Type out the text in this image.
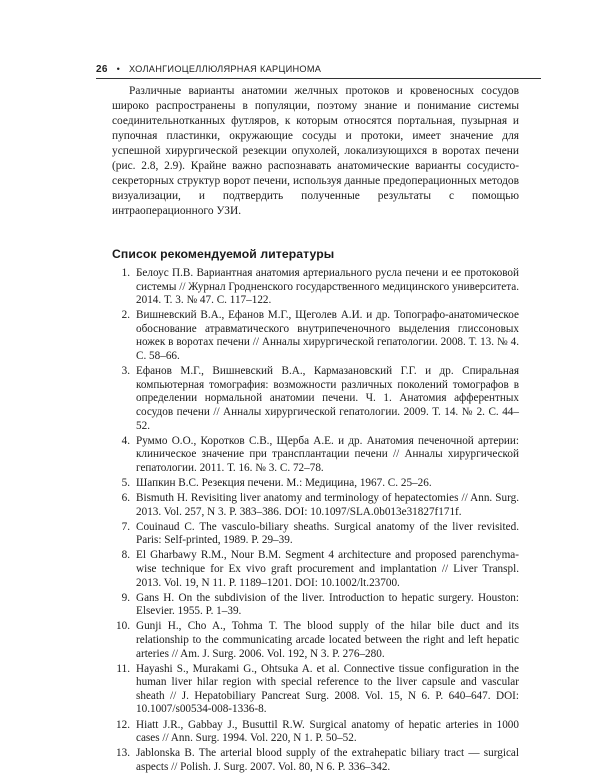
26 • ХОЛАНГИОЦЕЛЛЮЛЯРНАЯ КАРЦИНОМА

Различные варианты анатомии желчных протоков и кровеносных сосудов широко распространены в популяции, поэтому знание и понимание системы соединительнотканных футляров, к которым относятся портальная, пузырная и пупочная пластинки, окружающие сосуды и протоки, имеет значение для успешной хирургической резекции опухолей, локализующихся в воротах печени (рис. 2.8, 2.9). Крайне важно распознавать анатомические варианты сосудисто-секреторных структур ворот печени, используя данные предоперационных методов визуализации, и подтвердить полученные результаты с помощью интраоперационного УЗИ.

Список рекомендуемой литературы
1. Белоус П.В. Вариантная анатомия артериального русла печени и ее протоковой системы // Журнал Гродненского государственного медицинского университета. 2014. Т. 3. № 47. С. 117–122.
2. Вишневский В.А., Ефанов М.Г., Щеголев А.И. и др. Топографо-анатомическое обоснование атравматического внутрипеченочного выделения глиссоновых ножек в воротах печени // Анналы хирургической гепатологии. 2008. Т. 13. № 4. С. 58–66.
3. Ефанов М.Г., Вишневский В.А., Кармазановский Г.Г. и др. Спиральная компьютерная томография: возможности различных поколений томографов в определении нормальной анатомии печени. Ч. 1. Анатомия афферентных сосудов печени // Анналы хирургической гепатологии. 2009. Т. 14. № 2. С. 44–52.
4. Руммо О.О., Коротков С.В., Щерба А.Е. и др. Анатомия печеночной артерии: клиническое значение при трансплантации печени // Анналы хирургической гепатологии. 2011. Т. 16. № 3. С. 72–78.
5. Шапкин В.С. Резекция печени. М.: Медицина, 1967. С. 25–26.
6. Bismuth H. Revisiting liver anatomy and terminology of hepatectomies // Ann. Surg. 2013. Vol. 257, N 3. P. 383–386. DOI: 10.1097/SLA.0b013e31827f171f.
7. Couinaud C. The vasculo-biliary sheaths. Surgical anatomy of the liver revisited. Paris: Self-printed, 1989. P. 29–39.
8. El Gharbawy R.M., Nour B.M. Segment 4 architecture and proposed parenchyma-wise technique for Ex vivo graft procurement and implantation // Liver Transpl. 2013. Vol. 19, N 11. P. 1189–1201. DOI: 10.1002/lt.23700.
9. Gans H. On the subdivision of the liver. Introduction to hepatic surgery. Houston: Elsevier. 1955. P. 1–39.
10. Gunji H., Cho A., Tohma T. The blood supply of the hilar bile duct and its relationship to the communicating arcade located between the right and left hepatic arteries // Am. J. Surg. 2006. Vol. 192, N 3. P. 276–280.
11. Hayashi S., Murakami G., Ohtsuka A. et al. Connective tissue configuration in the human liver hilar region with special reference to the liver capsule and vascular sheath // J. Hepatobiliary Pancreat Surg. 2008. Vol. 15, N 6. P. 640–647. DOI: 10.1007/s00534-008-1336-8.
12. Hiatt J.R., Gabbay J., Busuttil R.W. Surgical anatomy of hepatic arteries in 1000 cases // Ann. Surg. 1994. Vol. 220, N 1. P. 50–52.
13. Jablonska B. The arterial blood supply of the extrahepatic biliary tract — surgical aspects // Polish. J. Surg. 2007. Vol. 80, N 6. P. 336–342.
